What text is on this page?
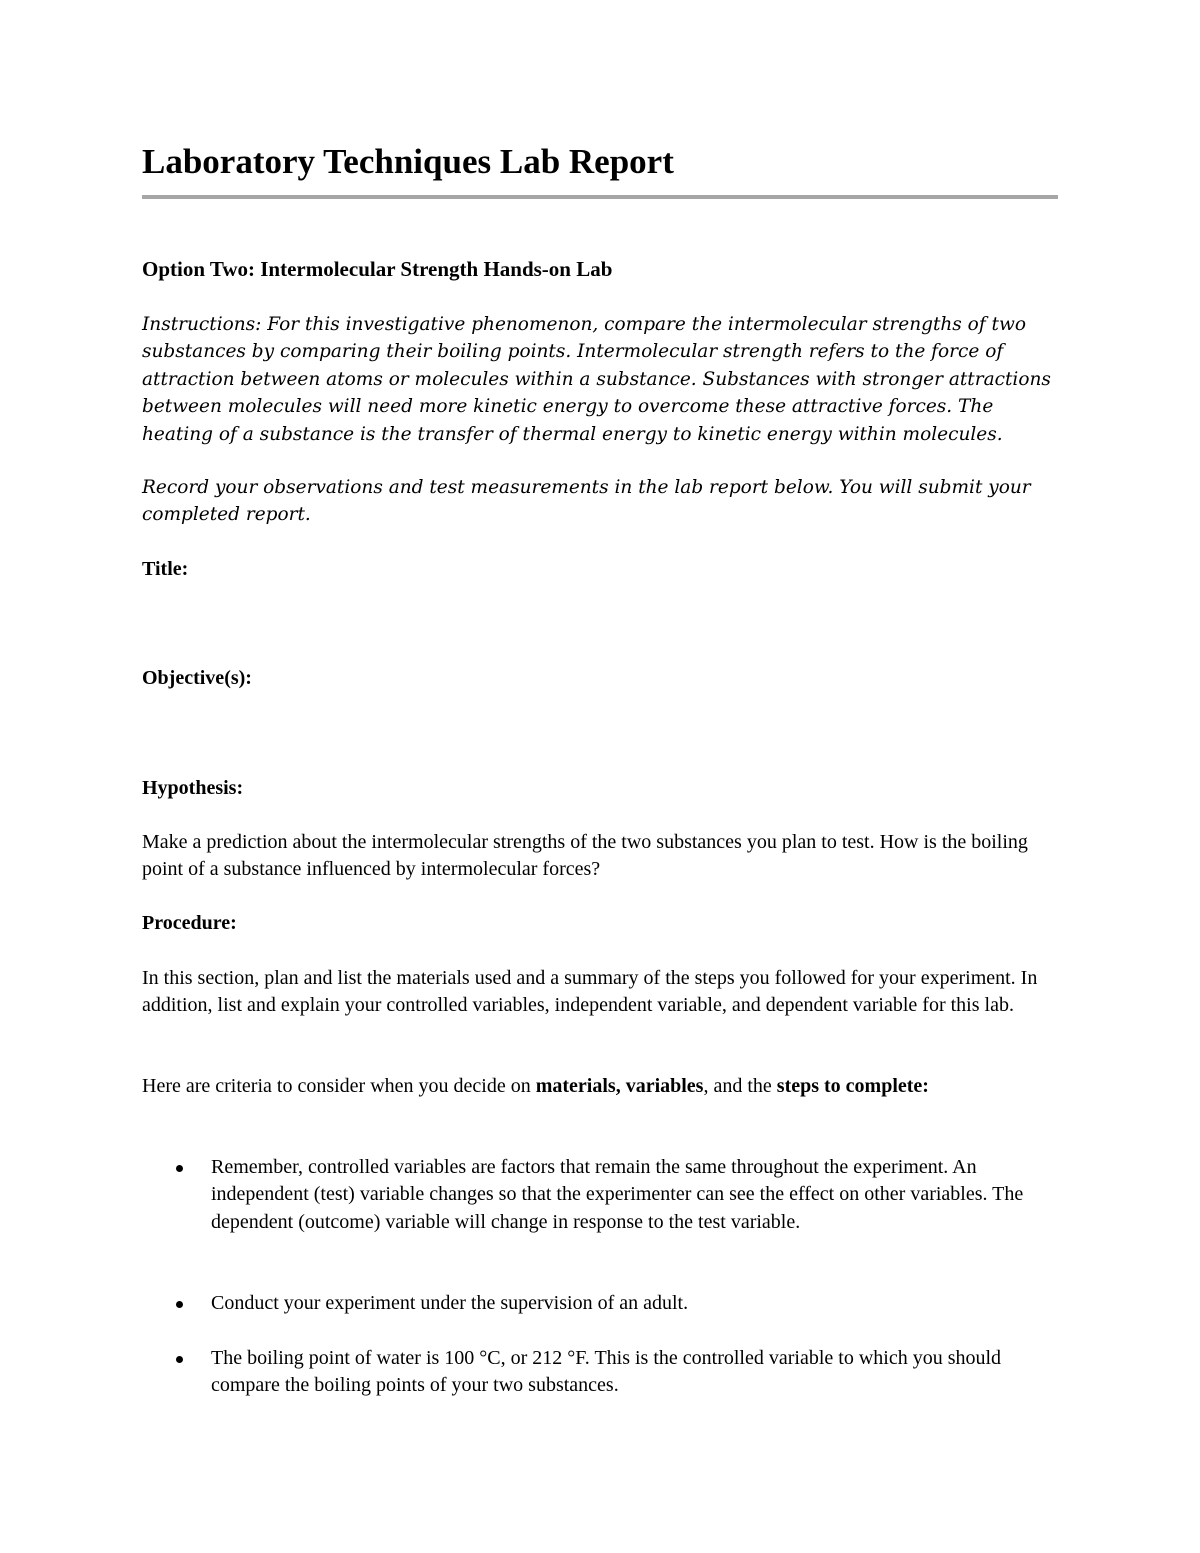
Laboratory Techniques Lab Report
Option Two: Intermolecular Strength Hands-on Lab

Instructions: For this investigative phenomenon, compare the intermolecular strengths of two substances by comparing their boiling points. Intermolecular strength refers to the force of attraction between atoms or molecules within a substance. Substances with stronger attractions between molecules will need more kinetic energy to overcome these attractive forces. The heating of a substance is the transfer of thermal energy to kinetic energy within molecules.

Record your observations and test measurements in the lab report below. You will submit your completed report.

Title:

Objective(s):

Hypothesis:

Make a prediction about the intermolecular strengths of the two substances you plan to test. How is the boiling point of a substance influenced by intermolecular forces?

Procedure:

In this section, plan and list the materials used and a summary of the steps you followed for your experiment. In addition, list and explain your controlled variables, independent variable, and dependent variable for this lab.

Here are criteria to consider when you decide on materials, variables, and the steps to complete:

Remember, controlled variables are factors that remain the same throughout the experiment. An independent (test) variable changes so that the experimenter can see the effect on other variables. The dependent (outcome) variable will change in response to the test variable.
Conduct your experiment under the supervision of an adult.
The boiling point of water is 100 °C, or 212 °F. This is the controlled variable to which you should compare the boiling points of your two substances.
